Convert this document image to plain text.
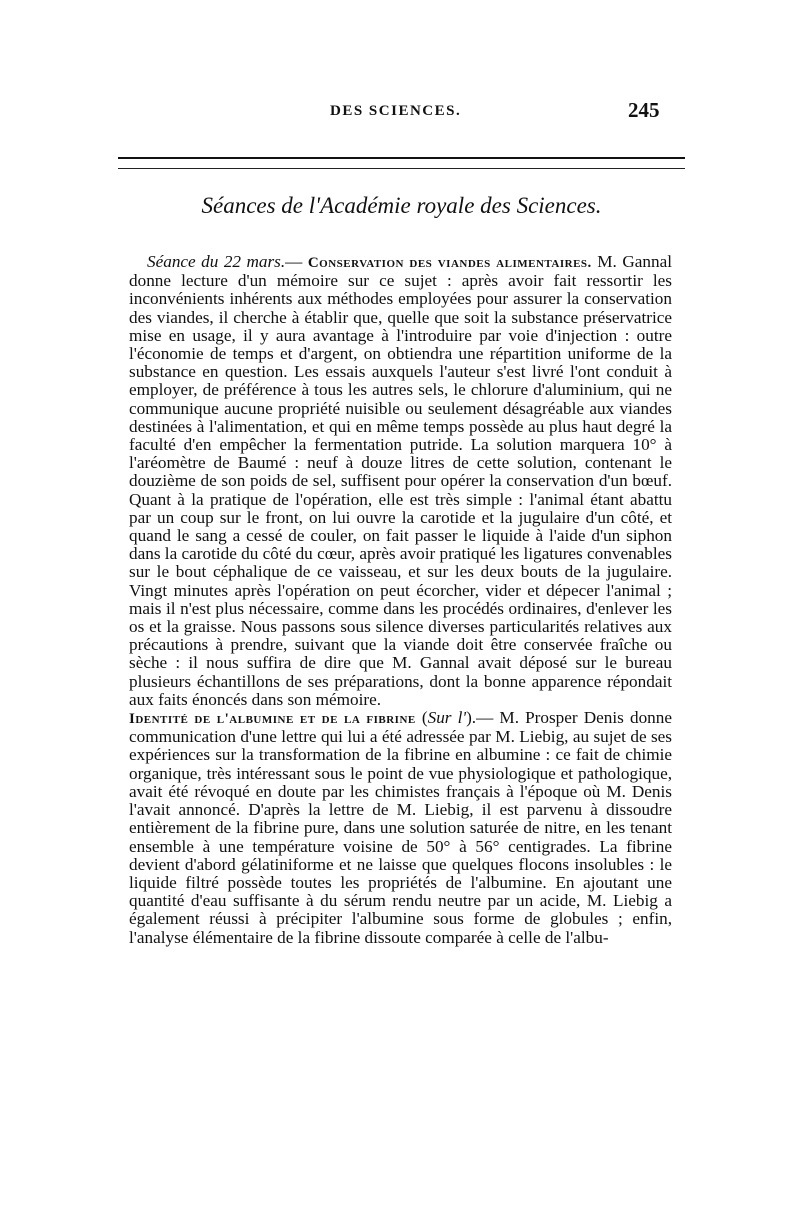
DES SCIENCES.	245
Séances de l'Académie royale des Sciences.

Séance du 22 mars.— Conservation des viandes alimentaires. M. Gannal donne lecture d'un mémoire sur ce sujet : après avoir fait ressortir les inconvénients inhérents aux méthodes employées pour assurer la conservation des viandes, il cherche à établir que, quelle que soit la substance préservatrice mise en usage, il y aura avantage à l'introduire par voie d'injection : outre l'économie de temps et d'argent, on obtiendra une répartition uniforme de la substance en question. Les essais auxquels l'auteur s'est livré l'ont conduit à employer, de préférence à tous les autres sels, le chlorure d'aluminium, qui ne communique aucune propriété nuisible ou seulement désagréable aux viandes destinées à l'alimentation, et qui en même temps possède au plus haut degré la faculté d'en empêcher la fermentation putride. La solution marquera 10° à l'aréomètre de Baumé : neuf à douze litres de cette solution, contenant le douzième de son poids de sel, suffisent pour opérer la conservation d'un bœuf. Quant à la pratique de l'opération, elle est très simple : l'animal étant abattu par un coup sur le front, on lui ouvre la carotide et la jugulaire d'un côté, et quand le sang a cessé de couler, on fait passer le liquide à l'aide d'un siphon dans la carotide du côté du cœur, après avoir pratiqué les ligatures convenables sur le bout céphalique de ce vaisseau, et sur les deux bouts de la jugulaire. Vingt minutes après l'opération on peut écorcher, vider et dépecer l'animal ; mais il n'est plus nécessaire, comme dans les procédés ordinaires, d'enlever les os et la graisse. Nous passons sous silence diverses particularités relatives aux précautions à prendre, suivant que la viande doit être conservée fraîche ou sèche : il nous suffira de dire que M. Gannal avait déposé sur le bureau plusieurs échantillons de ses préparations, dont la bonne apparence répondait aux faits énoncés dans son mémoire.

Identité de l'albumine et de la fibrine (Sur l').— M. Prosper Denis donne communication d'une lettre qui lui a été adressée par M. Liebig, au sujet de ses expériences sur la transformation de la fibrine en albumine : ce fait de chimie organique, très intéressant sous le point de vue physiologique et pathologique, avait été révoqué en doute par les chimistes français à l'époque où M. Denis l'avait annoncé. D'après la lettre de M. Liebig, il est parvenu à dissoudre entièrement de la fibrine pure, dans une solution saturée de nitre, en les tenant ensemble à une température voisine de 50° à 56° centigrades. La fibrine devient d'abord gélatiniforme et ne laisse que quelques flocons insolubles : le liquide filtré possède toutes les propriétés de l'albumine. En ajoutant une quantité d'eau suffisante à du sérum rendu neutre par un acide, M. Liebig a également réussi à précipiter l'albumine sous forme de globules ; enfin, l'analyse élémentaire de la fibrine dissoute comparée à celle de l'albu-
